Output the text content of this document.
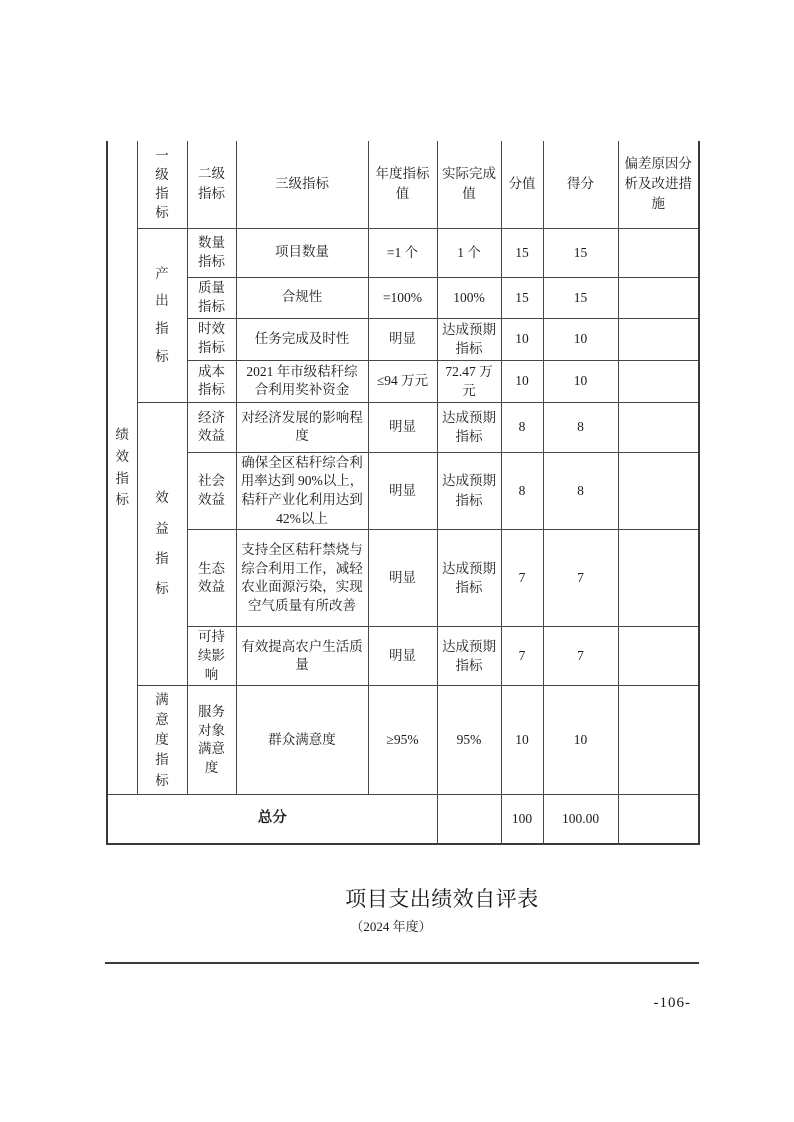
绩效指标	一级指标	二级指标	三级指标	年度指标值	实际完成值	分值	得分	偏差原因分析及改进措施

	产出指标	数量指标	项目数量	=1 个	1 个	15	15	
		质量指标	合规性	=100%	100%	15	15	
		时效指标	任务完成及时性	明显	达成预期指标	10	10	
		成本指标	2021 年市级秸秆综合利用奖补资金	≤94 万元	72.47 万元	10	10	

	效益指标	经济效益	对经济发展的影响程度	明显	达成预期指标	8	8	
		社会效益	确保全区秸秆综合利用率达到 90%以上，秸秆产业化利用达到 42%以上	明显	达成预期指标	8	8	
		生态效益	支持全区秸秆禁烧与综合利用工作，减轻农业面源污染，实现空气质量有所改善	明显	达成预期指标	7	7	
		可持续影响	有效提高农户生活质量	明显	达成预期指标	7	7	

	满意度指标	服务对象满意度	群众满意度	≥95%	95%	10	10	
总分						100	100.00	
项目支出绩效自评表
（2024 年度）
-106-
